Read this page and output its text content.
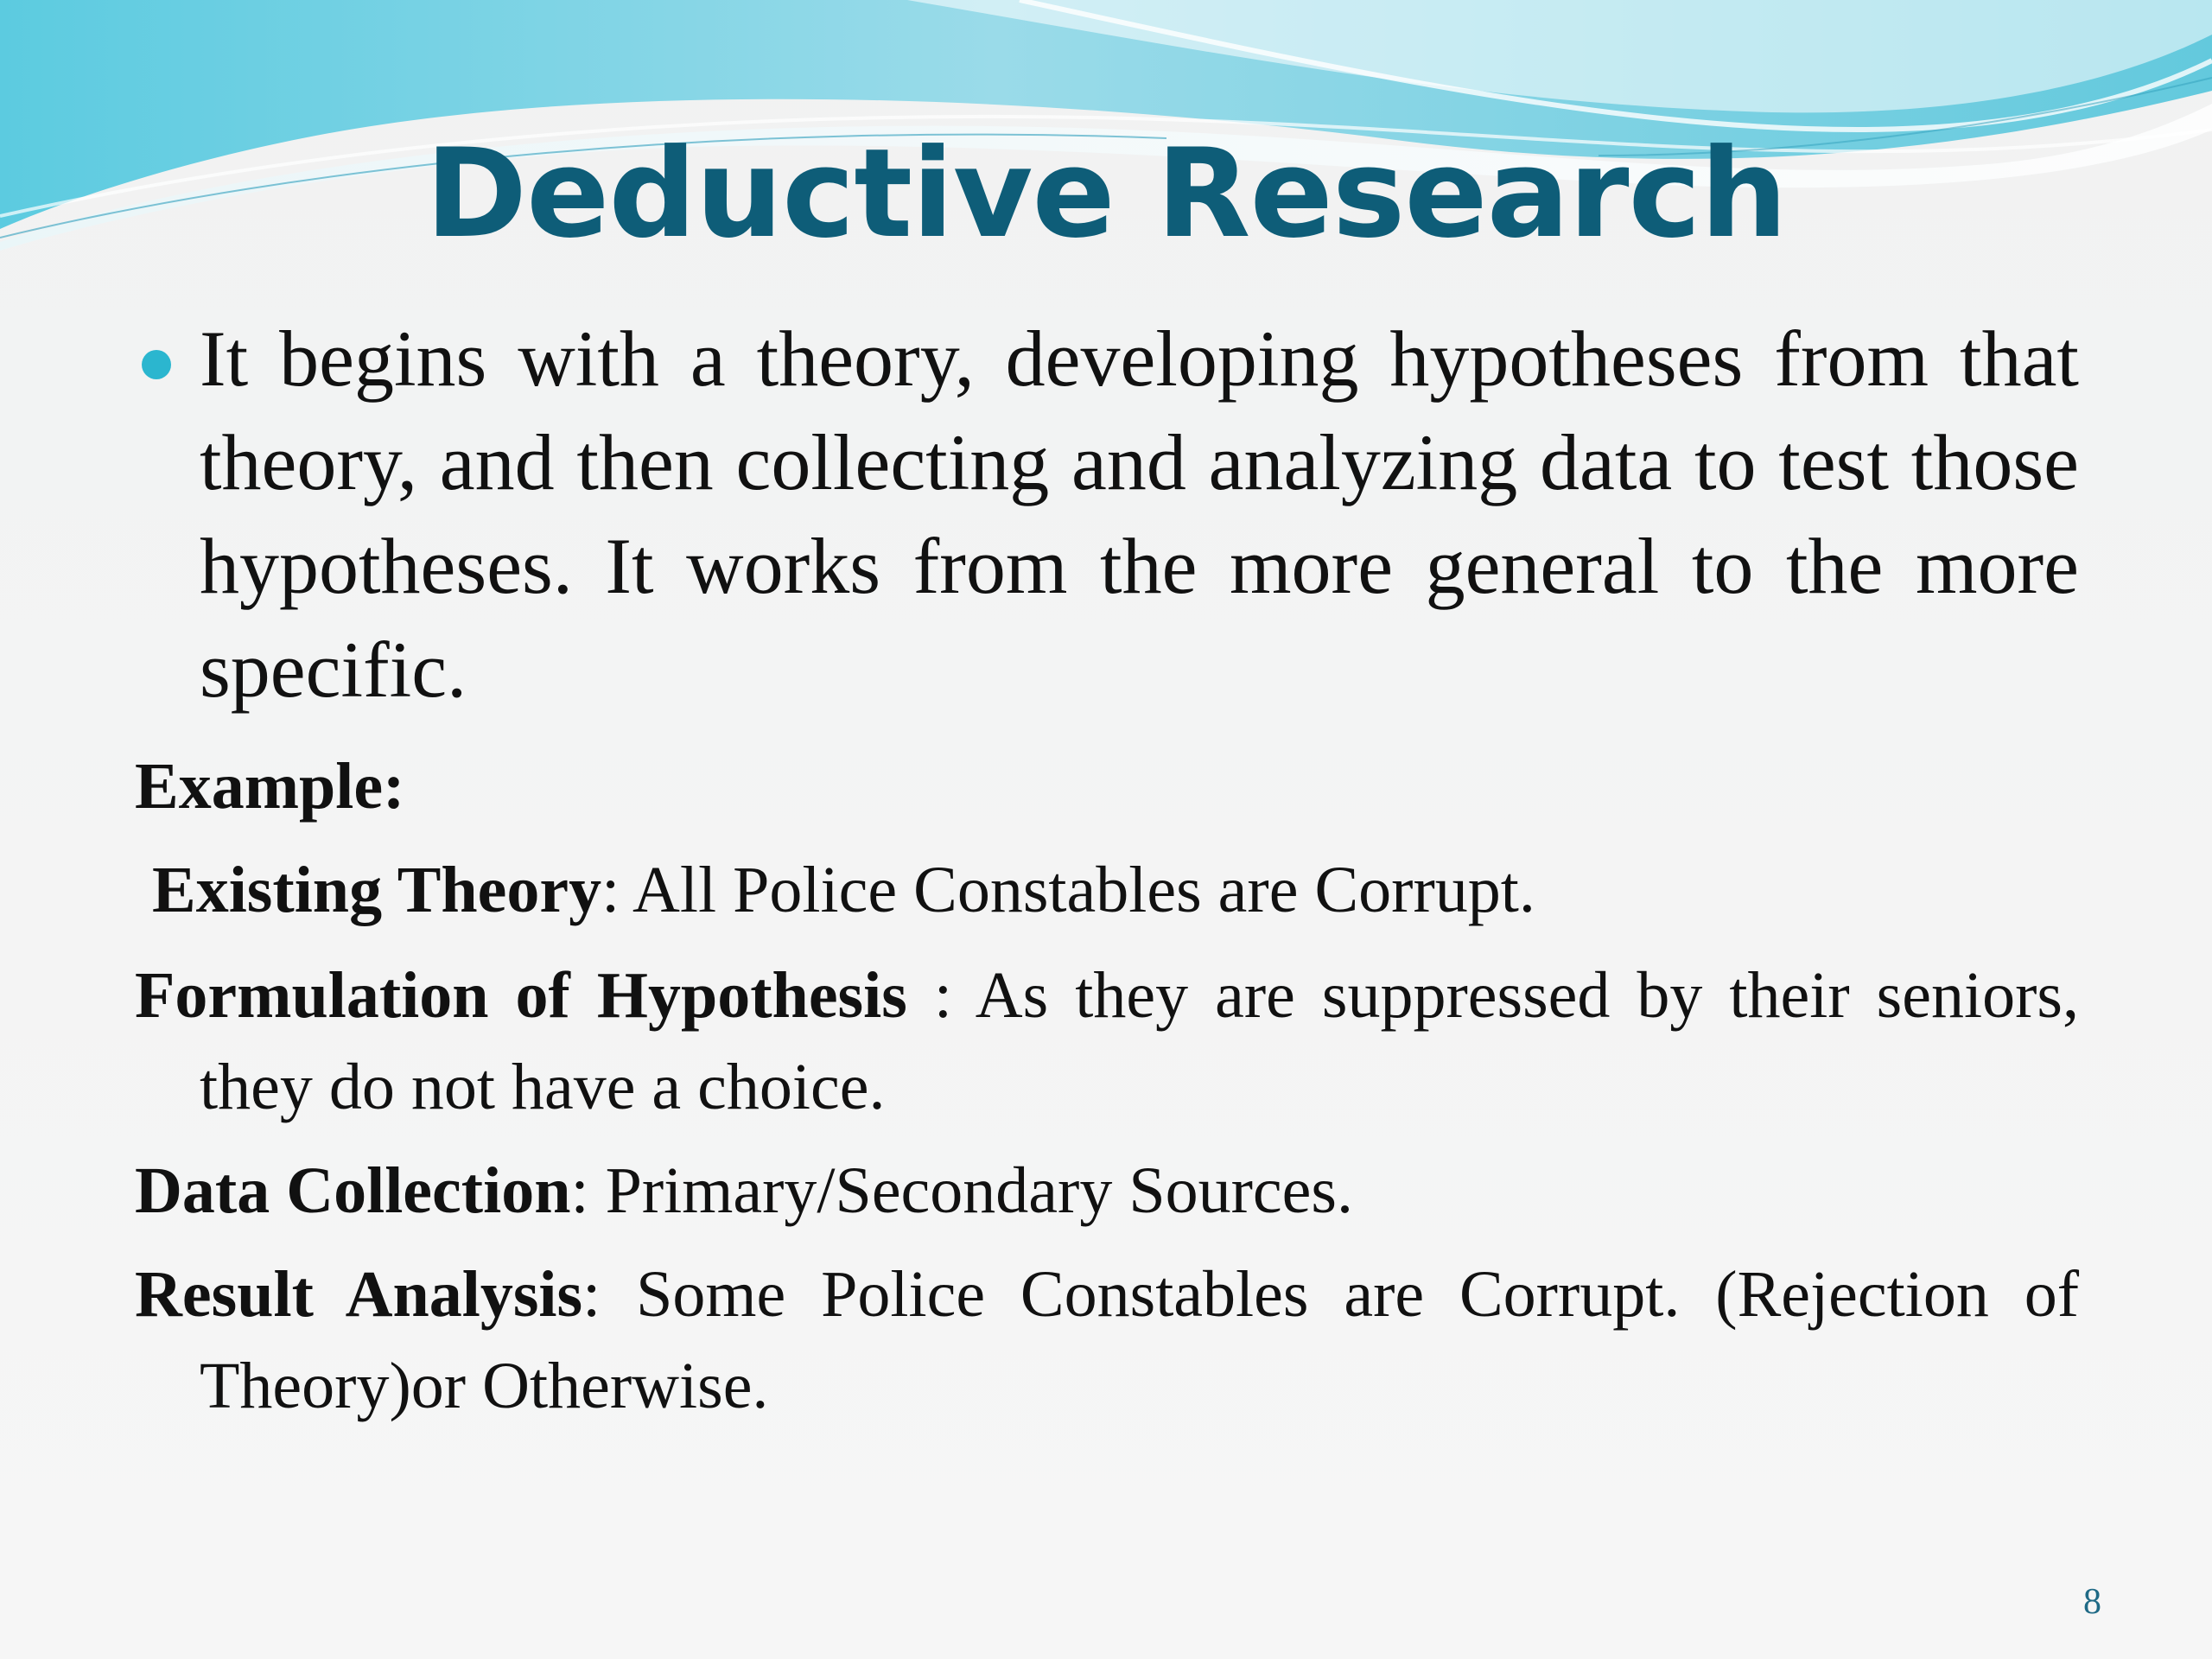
Deductive Research

It begins with a theory, developing hypotheses from that theory, and then collecting and analyzing data to test those hypotheses. It works from the more general to the more specific.

Example:

Existing Theory: All Police Constables are Corrupt.

Formulation of Hypothesis : As they are suppressed by their seniors, they do not have a choice.

Data Collection: Primary/Secondary Sources.

Result Analysis: Some Police Constables are Corrupt. (Rejection of Theory)or Otherwise.

8
